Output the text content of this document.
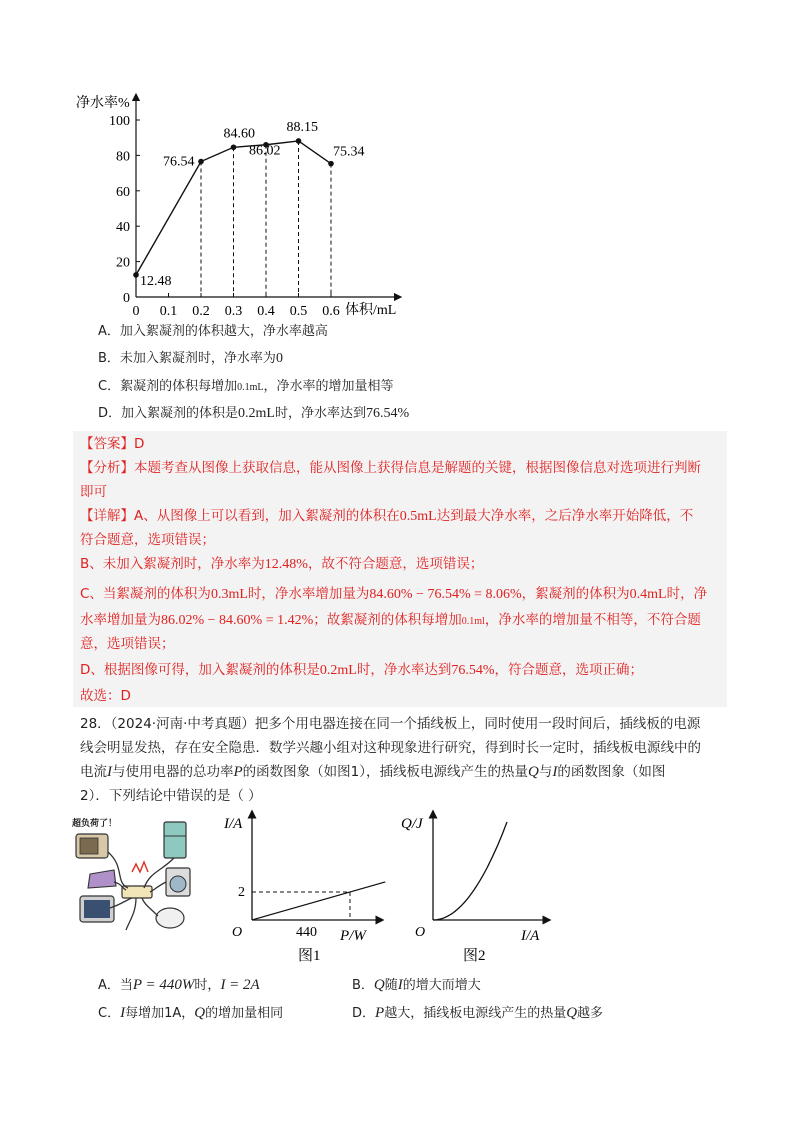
净水率%
0
20
40
60
80
100
0 0.1 0.2 0.3 0.4 0.5 0.6
12.48
76.54
84.60
86.02
88.15
75.34
体积/mL
A．加入絮凝剂的体积越大，净水率越高
B．未加入絮凝剂时，净水率为0
C．絮凝剂的体积每增加0.1mL，净水率的增加量相等
D．加入絮凝剂的体积是0.2mL时，净水率达到76.54%
【答案】D
【分析】本题考查从图像上获取信息，能从图像上获得信息是解题的关键，根据图像信息对选项进行判断
即可
【详解】A、从图像上可以看到，加入絮凝剂的体积在0.5mL达到最大净水率，之后净水率开始降低，不
符合题意，选项错误；
B、未加入絮凝剂时，净水率为12.48%，故不符合题意，选项错误；
C、当絮凝剂的体积为0.3mL时，净水率增加量为84.60% − 76.54% = 8.06%，絮凝剂的体积为0.4mL时，净
水率增加量为86.02% − 84.60% = 1.42%；故絮凝剂的体积每增加0.1ml，净水率的增加量不相等，不符合题
意，选项错误；
D、根据图像可得，加入絮凝剂的体积是0.2mL时，净水率达到76.54%，符合题意，选项正确；
故选：D
28．（2024·河南·中考真题）把多个用电器连接在同一个插线板上，同时使用一段时间后，插线板的电源
线会明显发热，存在安全隐患．数学兴趣小组对这种现象进行研究，得到时长一定时，插线板电源线中的
电流I与使用电器的总功率P的函数图象（如图1），插线板电源线产生的热量Q与I的函数图象（如图
2）．下列结论中错误的是（ ）
超负荷了！	I/A
P/W
O
2
440
图1
Q/J
I/A
O
图2
A．当P = 440W时，I = 2A	B．Q随I的增大而增大
C．I每增加1A，Q的增加量相同	D．P越大，插线板电源线产生的热量Q越多
